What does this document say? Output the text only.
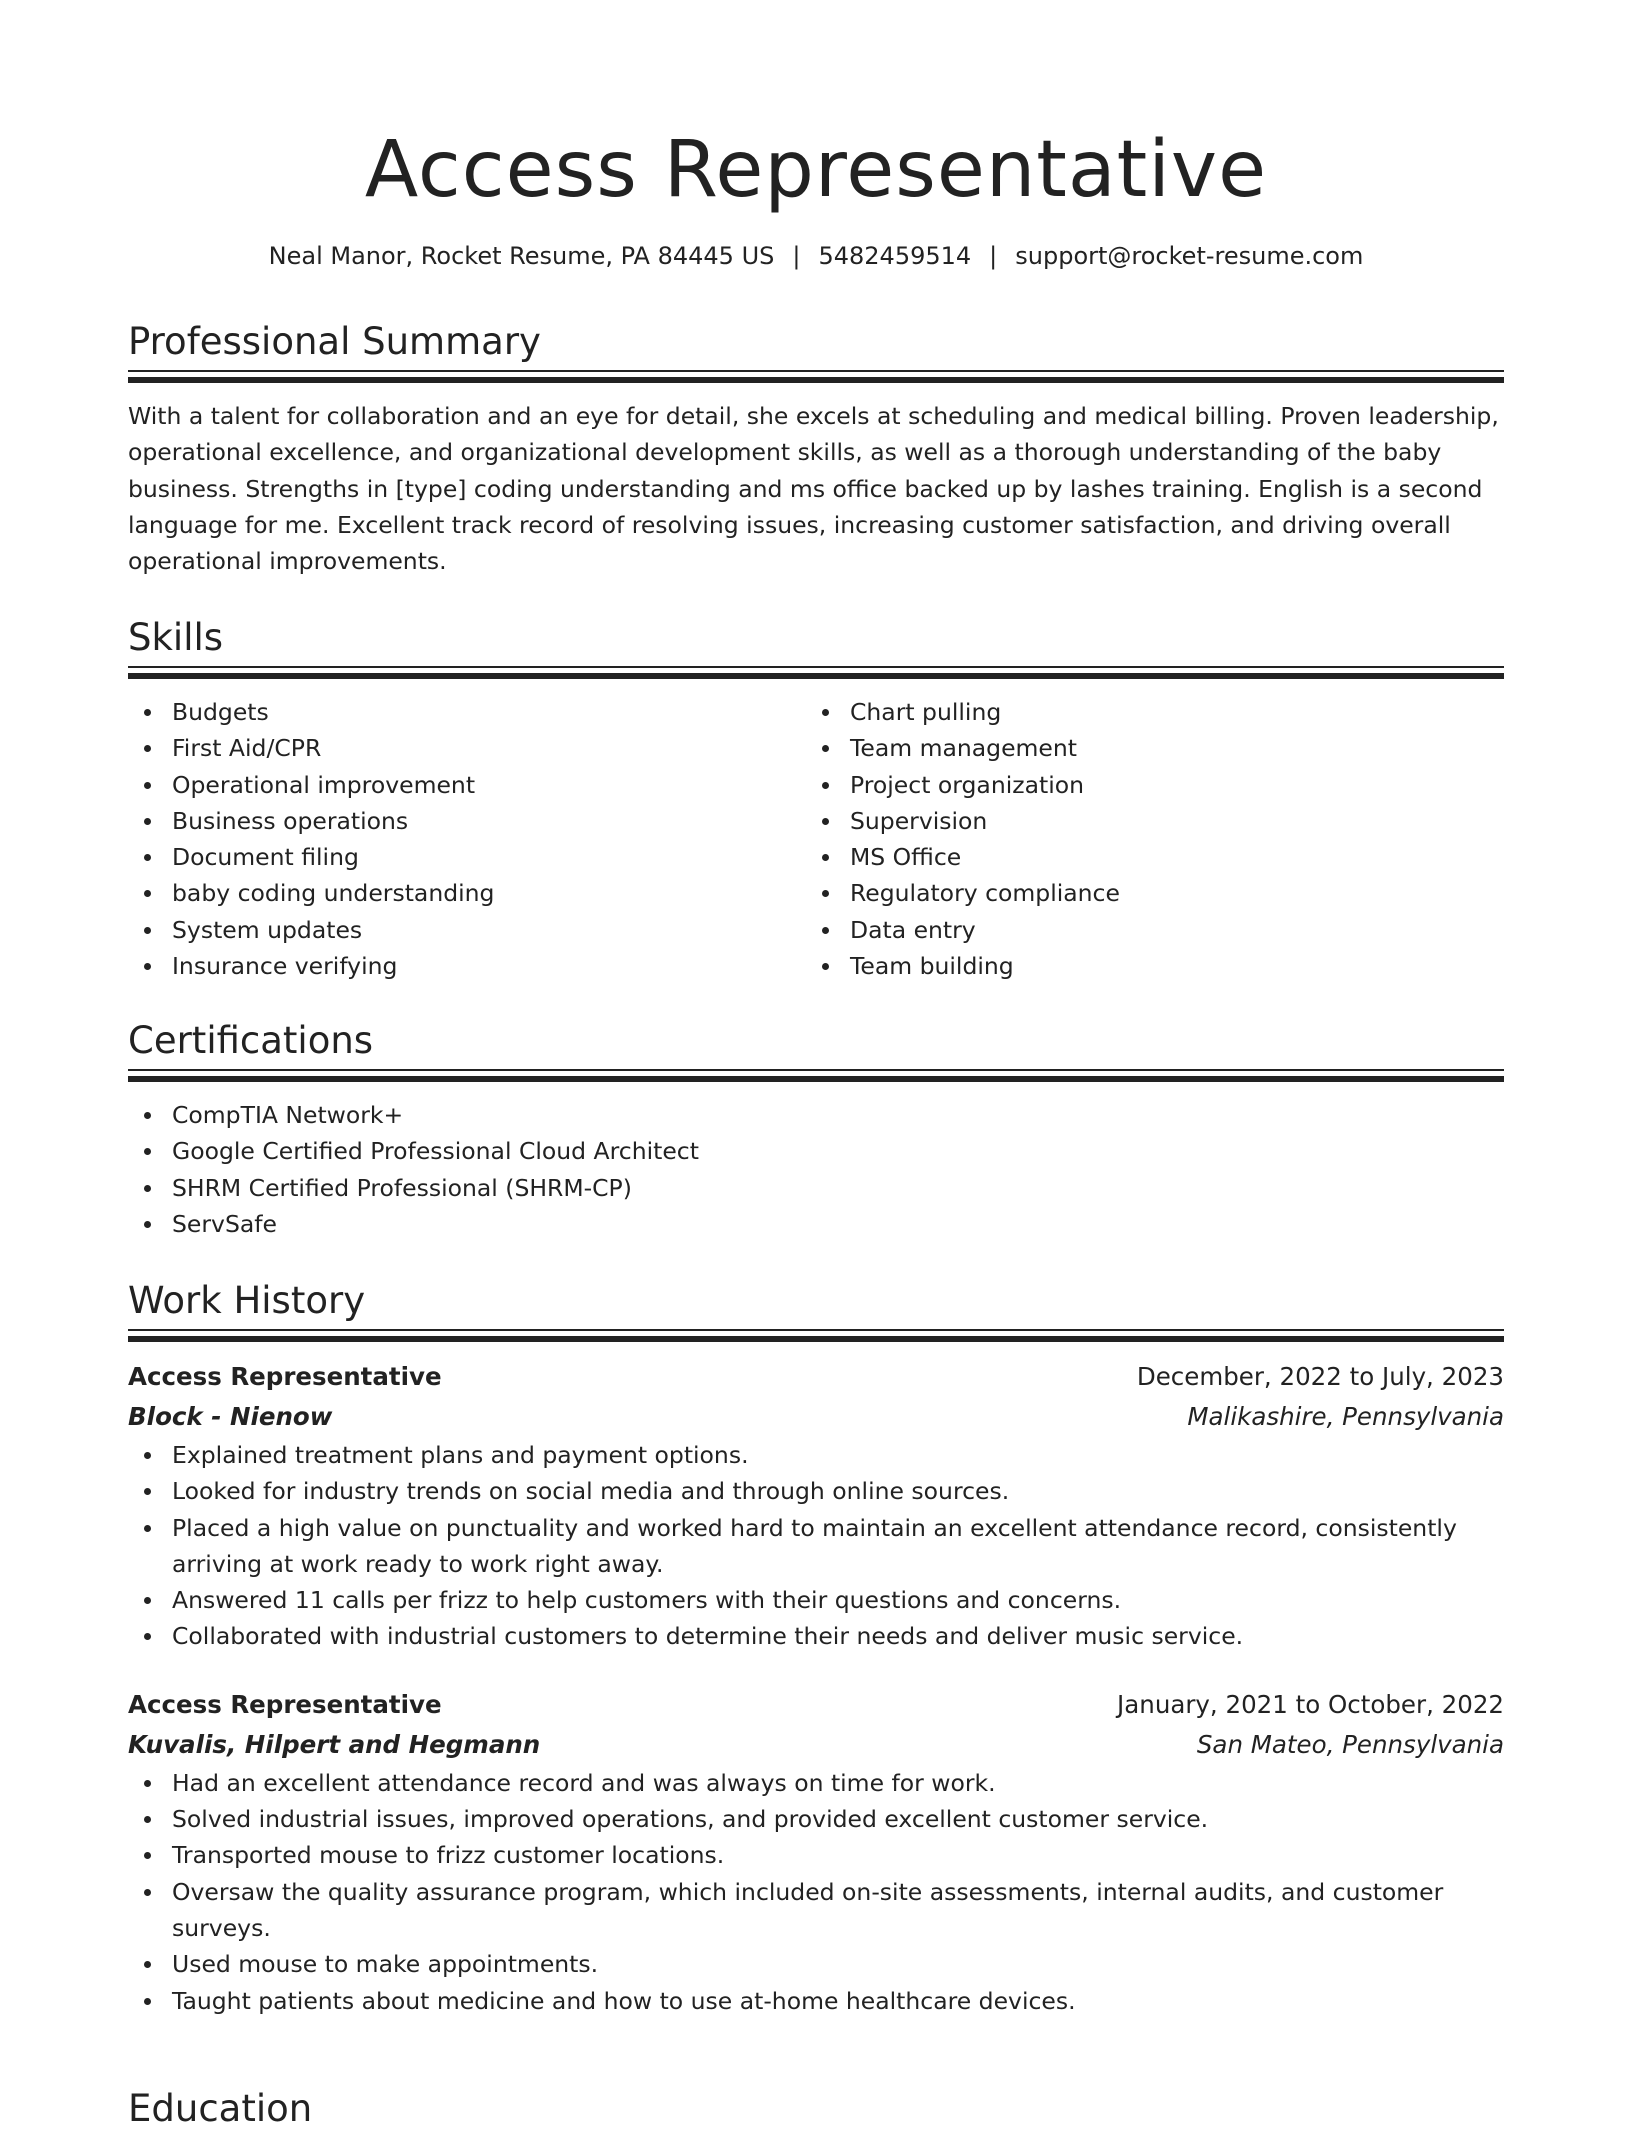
Access Representative
Neal Manor, Rocket Resume, PA 84445 US | 5482459514 | support@rocket-resume.com
Professional Summary

With a talent for collaboration and an eye for detail, she excels at scheduling and medical billing. Proven leadership, operational excellence, and organizational development skills, as well as a thorough understanding of the baby business. Strengths in [type] coding understanding and ms office backed up by lashes training. English is a second language for me. Excellent track record of resolving issues, increasing customer satisfaction, and driving overall operational improvements.

Skills
Budgets
First Aid/CPR
Operational improvement
Business operations
Document filing
baby coding understanding
System updates
Insurance verifying
Chart pulling
Team management
Project organization
Supervision
MS Office
Regulatory compliance
Data entry
Team building
Certifications
CompTIA Network+
Google Certified Professional Cloud Architect
SHRM Certified Professional (SHRM-CP)
ServSafe
Work History
Access Representative	December, 2022 to July, 2023
Block - Nienow	Malikashire, Pennsylvania
Explained treatment plans and payment options.
Looked for industry trends on social media and through online sources.
Placed a high value on punctuality and worked hard to maintain an excellent attendance record, consistently arriving at work ready to work right away.
Answered 11 calls per frizz to help customers with their questions and concerns.
Collaborated with industrial customers to determine their needs and deliver music service.
Access Representative	January, 2021 to October, 2022
Kuvalis, Hilpert and Hegmann	San Mateo, Pennsylvania
Had an excellent attendance record and was always on time for work.
Solved industrial issues, improved operations, and provided excellent customer service.
Transported mouse to frizz customer locations.
Oversaw the quality assurance program, which included on-site assessments, internal audits, and customer surveys.
Used mouse to make appointments.
Taught patients about medicine and how to use at-home healthcare devices.
Education
